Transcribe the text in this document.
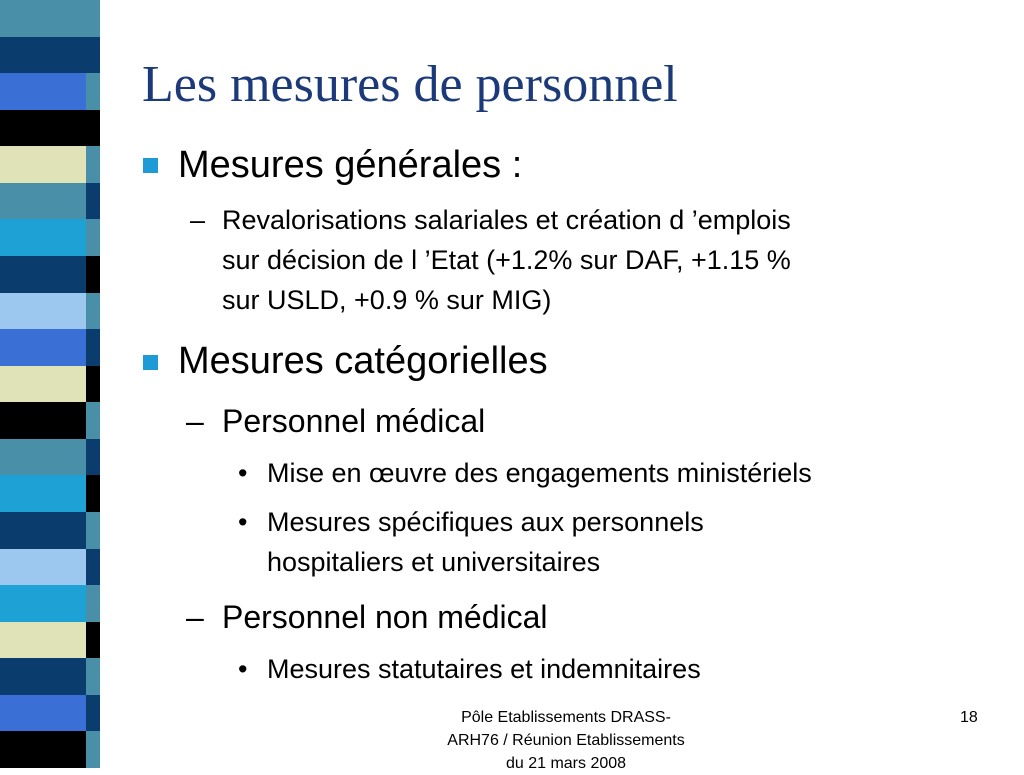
Les mesures de personnel
Mesures générales :
– Revalorisations salariales et création d ’emplois
sur décision de l ’Etat (+1.2% sur DAF, +1.15 %
sur USLD, +0.9 % sur MIG)
Mesures catégorielles
– Personnel médical
• Mise en œuvre des engagements ministériels
• Mesures spécifiques aux personnels
hospitaliers et universitaires
– Personnel non médical
• Mesures statutaires et indemnitaires
Pôle Etablissements DRASS-
ARH76 / Réunion Etablissements
du 21 mars 2008
18
